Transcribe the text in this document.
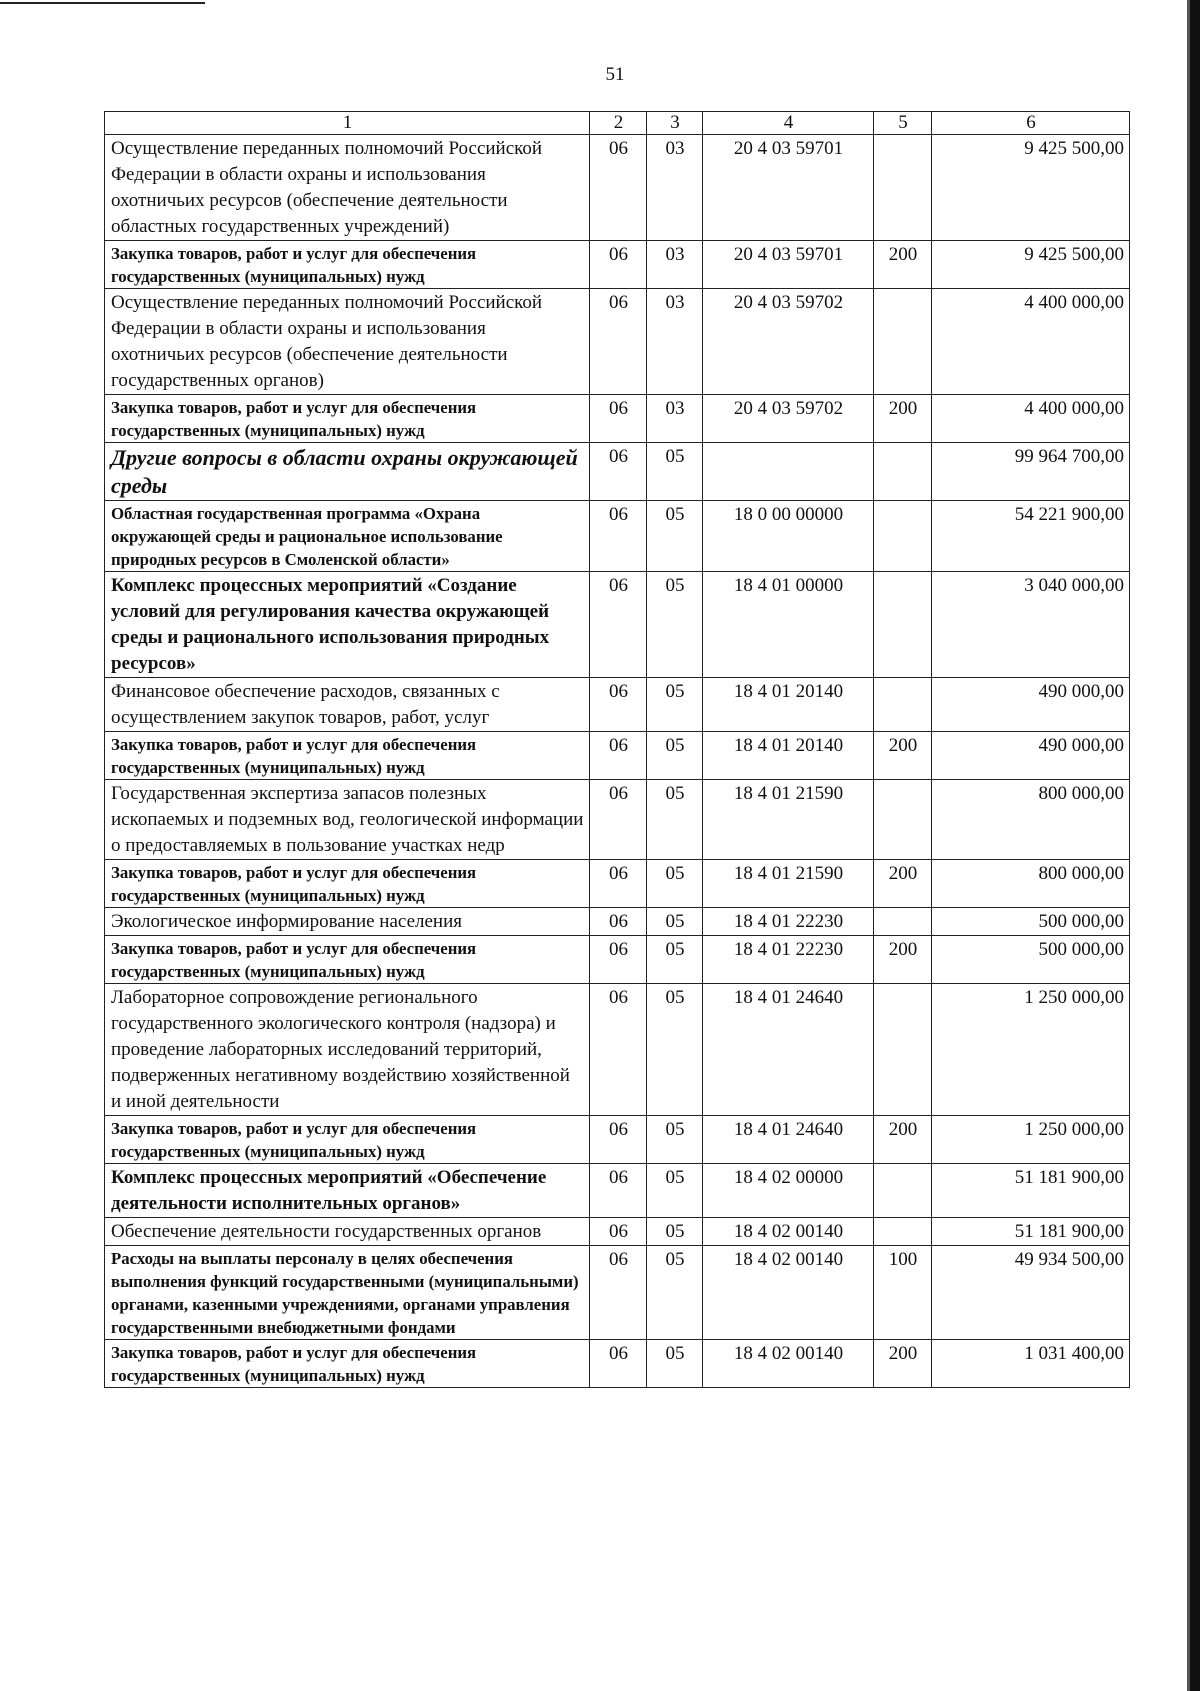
51
1	2	3	4	5	6
Осуществление переданных полномочий Российской Федерации в области охраны и использования охотничьих ресурсов (обеспечение деятельности областных государственных учреждений)	06	03	20 4 03 59701		9 425 500,00
Закупка товаров, работ и услуг для обеспечения государственных (муниципальных) нужд	06	03	20 4 03 59701	200	9 425 500,00
Осуществление переданных полномочий Российской Федерации в области охраны и использования охотничьих ресурсов (обеспечение деятельности государственных органов)	06	03	20 4 03 59702		4 400 000,00
Закупка товаров, работ и услуг для обеспечения государственных (муниципальных) нужд	06	03	20 4 03 59702	200	4 400 000,00
Другие вопросы в области охраны окружающей среды	06	05			99 964 700,00
Областная государственная программа «Охрана окружающей среды и рациональное использование природных ресурсов в Смоленской области»	06	05	18 0 00 00000		54 221 900,00
Комплекс процессных мероприятий «Создание условий для регулирования качества окружающей среды и рационального использования природных ресурсов»	06	05	18 4 01 00000		3 040 000,00
Финансовое обеспечение расходов, связанных с осуществлением закупок товаров, работ, услуг	06	05	18 4 01 20140		490 000,00
Закупка товаров, работ и услуг для обеспечения государственных (муниципальных) нужд	06	05	18 4 01 20140	200	490 000,00
Государственная экспертиза запасов полезных ископаемых и подземных вод, геологической информации о предоставляемых в пользование участках недр	06	05	18 4 01 21590		800 000,00
Закупка товаров, работ и услуг для обеспечения государственных (муниципальных) нужд	06	05	18 4 01 21590	200	800 000,00
Экологическое информирование населения	06	05	18 4 01 22230		500 000,00
Закупка товаров, работ и услуг для обеспечения государственных (муниципальных) нужд	06	05	18 4 01 22230	200	500 000,00
Лабораторное сопровождение регионального государственного экологического контроля (надзора) и проведение лабораторных исследований территорий, подверженных негативному воздействию хозяйственной и иной деятельности	06	05	18 4 01 24640		1 250 000,00
Закупка товаров, работ и услуг для обеспечения государственных (муниципальных) нужд	06	05	18 4 01 24640	200	1 250 000,00
Комплекс процессных мероприятий «Обеспечение деятельности исполнительных органов»	06	05	18 4 02 00000		51 181 900,00
Обеспечение деятельности государственных органов	06	05	18 4 02 00140		51 181 900,00
Расходы на выплаты персоналу в целях обеспечения выполнения функций государственными (муниципальными) органами, казенными учреждениями, органами управления государственными внебюджетными фондами	06	05	18 4 02 00140	100	49 934 500,00
Закупка товаров, работ и услуг для обеспечения государственных (муниципальных) нужд	06	05	18 4 02 00140	200	1 031 400,00
